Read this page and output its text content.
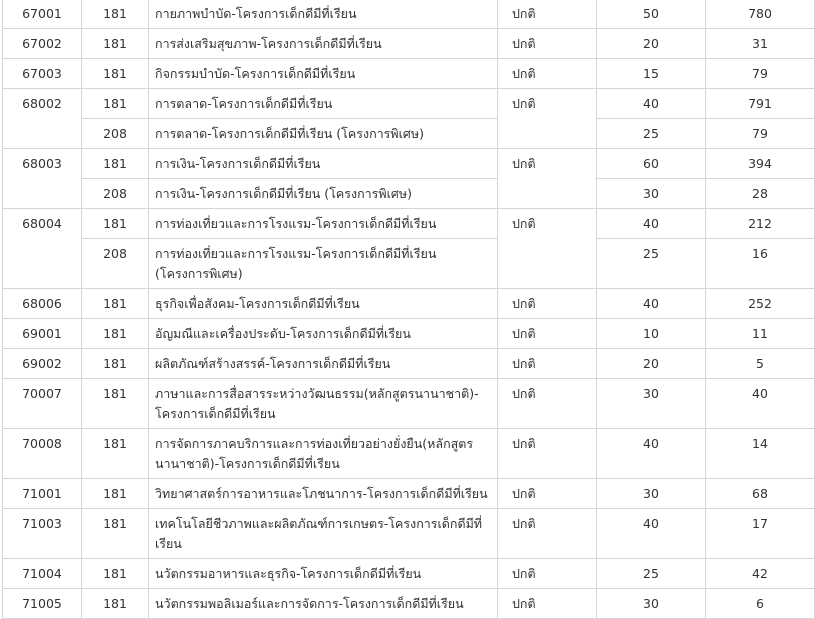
67001	181	กายภาพบำบัด-โครงการเด็กดีมีที่เรียน	ปกติ	50	780
67002	181	การส่งเสริมสุขภาพ-โครงการเด็กดีมีที่เรียน	ปกติ	20	31
67003	181	กิจกรรมบำบัด-โครงการเด็กดีมีที่เรียน	ปกติ	15	79
68002	181	การตลาด-โครงการเด็กดีมีที่เรียน	ปกติ	40	791
	208	การตลาด-โครงการเด็กดีมีที่เรียน (โครงการพิเศษ)		25	79
68003	181	การเงิน-โครงการเด็กดีมีที่เรียน	ปกติ	60	394
	208	การเงิน-โครงการเด็กดีมีที่เรียน (โครงการพิเศษ)		30	28
68004	181	การท่องเที่ยวและการโรงแรม-โครงการเด็กดีมีที่เรียน	ปกติ	40	212
	208	การท่องเที่ยวและการโรงแรม-โครงการเด็กดีมีที่เรียน (โครงการพิเศษ)		25	16
68006	181	ธุรกิจเพื่อสังคม-โครงการเด็กดีมีที่เรียน	ปกติ	40	252
69001	181	อัญมณีและเครื่องประดับ-โครงการเด็กดีมีที่เรียน	ปกติ	10	11
69002	181	ผลิตภัณฑ์สร้างสรรค์-โครงการเด็กดีมีที่เรียน	ปกติ	20	5
70007	181	ภาษาและการสื่อสารระหว่างวัฒนธรรม(หลักสูตรนานาชาติ)-โครงการเด็กดีมีที่เรียน	ปกติ	30	40
70008	181	การจัดการภาคบริการและการท่องเที่ยวอย่างยั่งยืน(หลักสูตรนานาชาติ)-โครงการเด็กดีมีที่เรียน	ปกติ	40	14
71001	181	วิทยาศาสตร์การอาหารและโภชนาการ-โครงการเด็กดีมีที่เรียน	ปกติ	30	68
71003	181	เทคโนโลยีชีวภาพและผลิตภัณฑ์การเกษตร-โครงการเด็กดีมีที่เรียน	ปกติ	40	17
71004	181	นวัตกรรมอาหารและธุรกิจ-โครงการเด็กดีมีที่เรียน	ปกติ	25	42
71005	181	นวัตกรรมพอลิเมอร์และการจัดการ-โครงการเด็กดีมีที่เรียน	ปกติ	30	6
